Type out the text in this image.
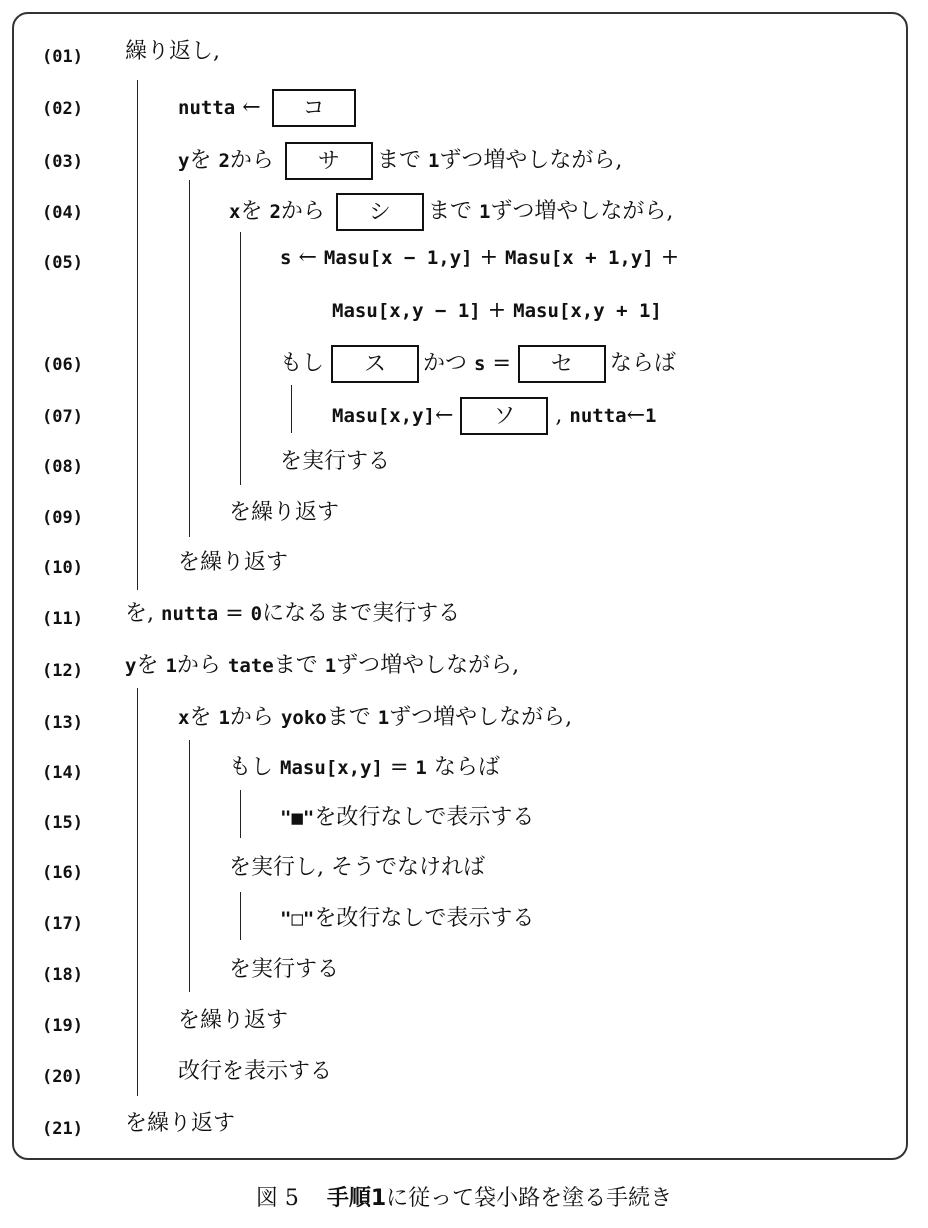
(01)
(02)
(03)
(04)
(05)
(06)
(07)
(08)
(09)
(10)
(11)
(12)
(13)
(14)
(15)
(16)
(17)
(18)
(19)
(20)
(21)
繰り返し,
nutta ← コ
yを 2から サ まで 1ずつ増やしながら,
xを 2から シ まで 1ずつ増やしながら,
s ← Masu[x − 1,y] + Masu[x + 1,y] +
Masu[x,y − 1] + Masu[x,y + 1]
もし ス かつ s = セ ならば
Masu[x,y]← ソ , nutta←1
を実行する
を繰り返す
を繰り返す
を, nutta = 0になるまで実行する
yを 1から tateまで 1ずつ増やしながら,
xを 1から yokoまで 1ずつ増やしながら,
もし Masu[x,y] = 1 ならば
"■"を改行なしで表示する
を実行し, そうでなければ
"□"を改行なしで表示する
を実行する
を繰り返す
改行を表示する
を繰り返す
図 5 手順1に従って袋小路を塗る手続き
